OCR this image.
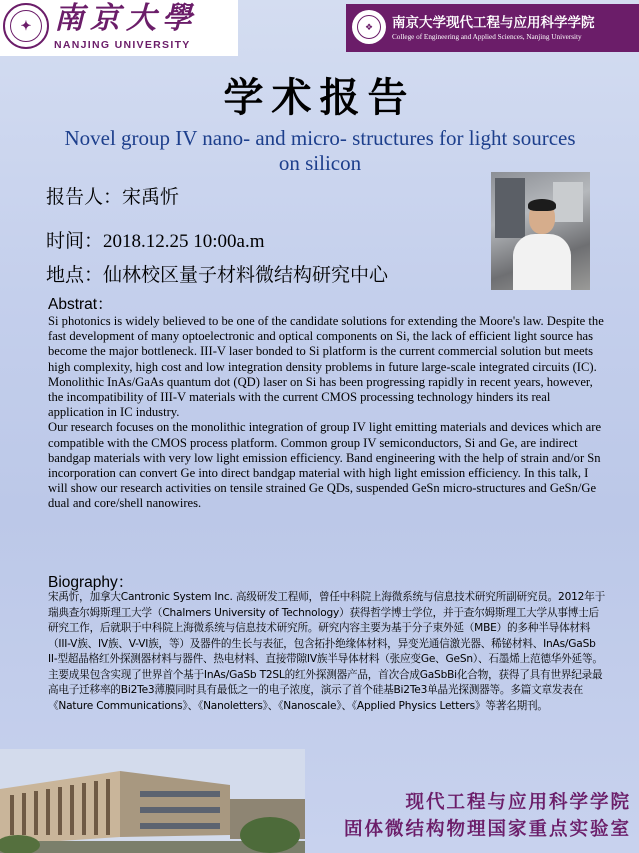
✦ 南京大學
NANJING UNIVERSITY
❖	南京大学现代工程与应用科学学院
College of Engineering and Applied Sciences, Nanjing University
学术报告
Novel group IV nano- and micro- structures for light sources on silicon
报告人：宋禹忻
时间：2018.12.25 10:00a.m
地点：仙林校区量子材料微结构研究中心
Abstrat：

Si photonics is widely believed to be one of the candidate solutions for extending the Moore's law. Despite the fast development of many optoelectronic and optical components on Si, the lack of efficient light source has become the major bottleneck. III-V laser bonded to Si platform is the current commercial solution but meets high complexity, high cost and low integration density problems in future large-scale integrated circuits (IC). Monolithic InAs/GaAs quantum dot (QD) laser on Si has been progressing rapidly in recent years, however, the incompatibility of III-V materials with the current CMOS processing technology hinders its real application in IC industry.

Our research focuses on the monolithic integration of group IV light emitting materials and devices which are compatible with the CMOS process platform. Common group IV semiconductors, Si and Ge, are indirect bandgap materials with very low light emission efficiency. Band engineering with the help of strain and/or Sn incorporation can convert Ge into direct bandgap material with high light emission efficiency. In this talk, I will show our research activities on tensile strained Ge QDs, suspended GeSn micro-structures and GeSn/Ge dual and core/shell nanowires.

Biography：

宋禹忻，加拿大Cantronic System Inc. 高级研发工程师，曾任中科院上海微系统与信息技术研究所副研究员。2012年于瑞典查尔姆斯理工大学（Chalmers University of Technology）获得哲学博士学位，并于查尔姆斯理工大学从事博士后研究工作，后就职于中科院上海微系统与信息技术研究所。研究内容主要为基于分子束外延（MBE）的多种半导体材料（III-V族、IV族、V-VI族，等）及器件的生长与表征，包含拓扑绝缘体材料，异变光通信激光器、稀铋材料、InAs/GaSb II-型超晶格红外探测器材料与器件、热电材料、直接带隙IV族半导体材料（张应变Ge、GeSn）、石墨烯上范德华外延等。主要成果包含实现了世界首个基于InAs/GaSb T2SL的红外探测器产品，首次合成GaSbBi化合物，获得了具有世界纪录最高电子迁移率的Bi2Te3薄膜同时具有最低之一的电子浓度，演示了首个硅基Bi2Te3单晶光探测器等。多篇文章发表在《Nature Communications》、《Nanoletters》、《Nanoscale》、《Applied Physics Letters》等著名期刊。

现代工程与应用科学学院
固体微结构物理国家重点实验室
